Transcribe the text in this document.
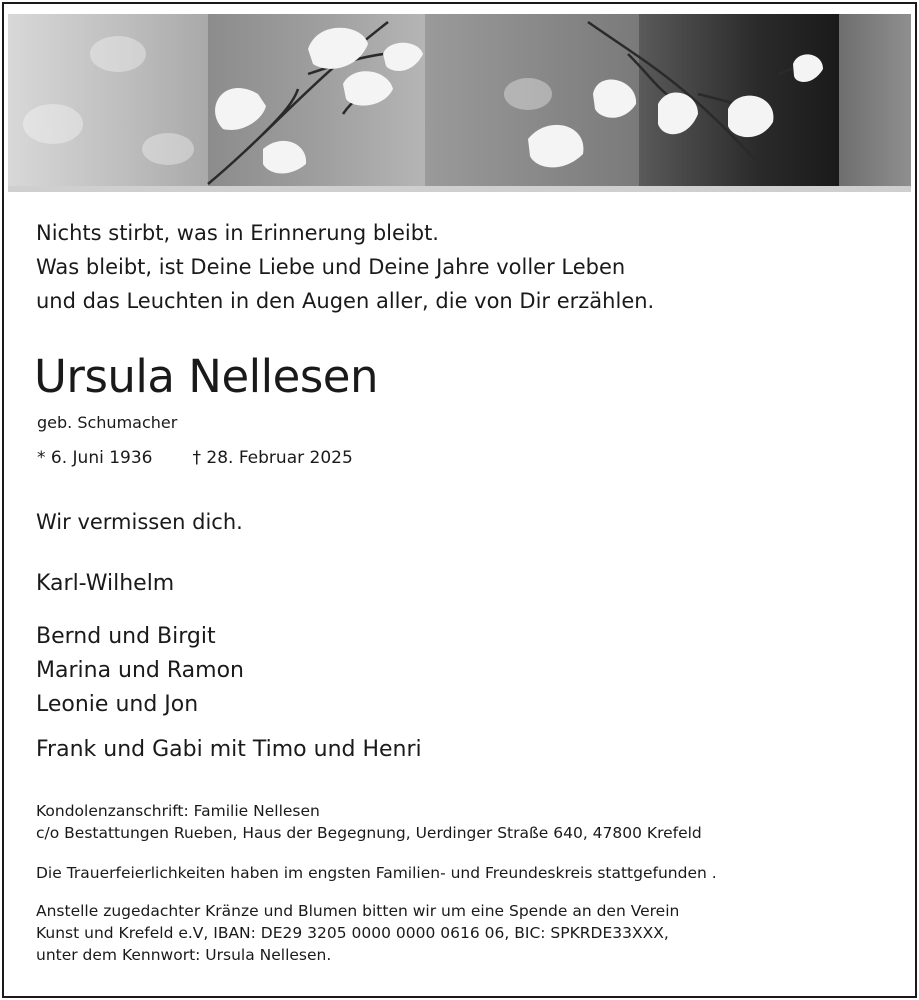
Nichts stirbt, was in Erinnerung bleibt.
Was bleibt, ist Deine Liebe und Deine Jahre voller Leben
und das Leuchten in den Augen aller, die von Dir erzählen.
Ursula Nellesen
geb. Schumacher
* 6. Juni 1936 † 28. Februar 2025
Wir vermissen dich.
Karl-Wilhelm
Bernd und Birgit
Marina und Ramon
Leonie und Jon
Frank und Gabi mit Timo und Henri
Kondolenzanschrift: Familie Nellesen
c/o Bestattungen Rueben, Haus der Begegnung, Uerdinger Straße 640, 47800 Krefeld
Die Trauerfeierlichkeiten haben im engsten Familien- und Freundeskreis stattgefunden .
Anstelle zugedachter Kränze und Blumen bitten wir um eine Spende an den Verein
Kunst und Krefeld e.V, IBAN: DE29 3205 0000 0000 0616 06, BIC: SPKRDE33XXX,
unter dem Kennwort: Ursula Nellesen.
